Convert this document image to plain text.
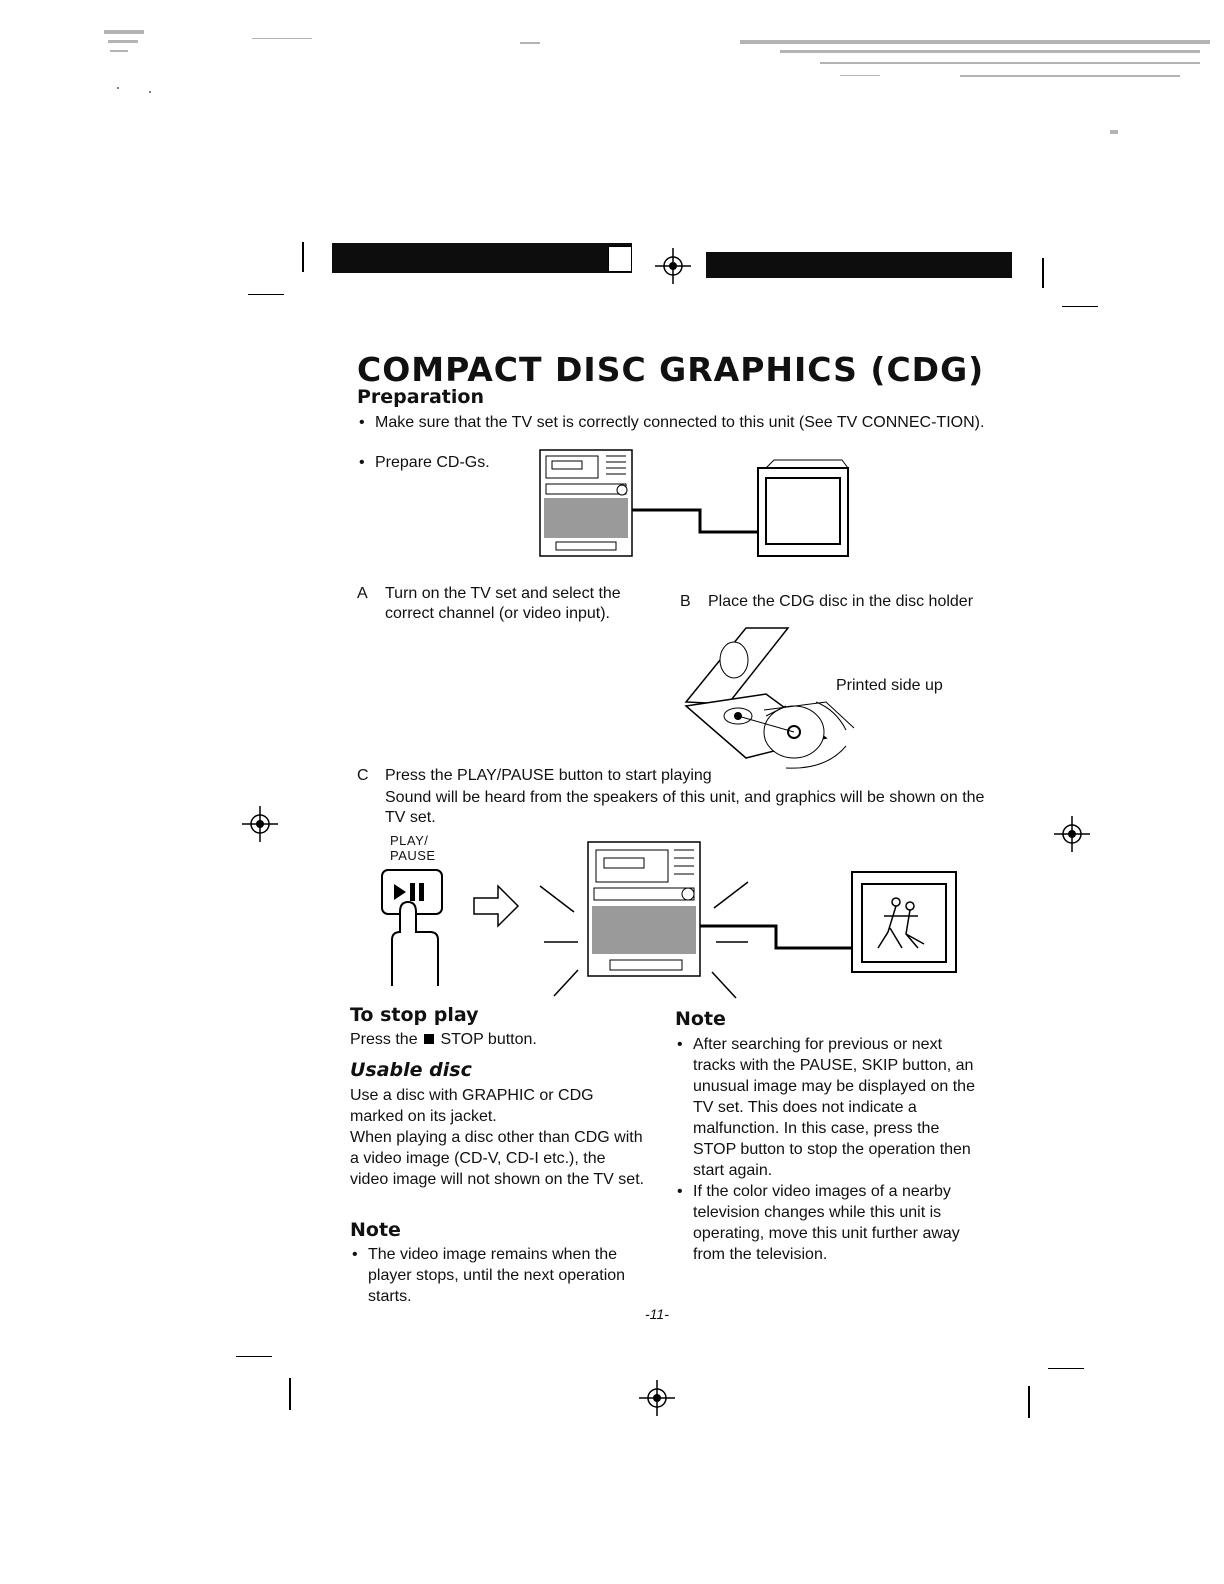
COMPACT DISC GRAPHICS (CDG)
Preparation
• Make sure that the TV set is correctly connected to this unit (See TV CONNEC-TION).
• Prepare CD-Gs.
A Turn on the TV set and select the correct channel (or video input).
B Place the CDG disc in the disc holder
Printed side up
C Press the PLAY/PAUSE button to start playing
Sound will be heard from the speakers of this unit, and graphics will be shown on the TV set.
PLAY/
PAUSE
To stop play
Press the STOP button.
Usable disc
Use a disc with GRAPHIC or CDG marked on its jacket.
When playing a disc other than CDG with a video image (CD-V, CD-I etc.), the video image will not shown on the TV set.
Note
• The video image remains when the player stops, until the next operation starts.
Note
• After searching for previous or next tracks with the PAUSE, SKIP button, an unusual image may be displayed on the TV set. This does not indicate a malfunction. In this case, press the STOP button to stop the operation then start again.
• If the color video images of a nearby television changes while this unit is operating, move this unit further away from the television.
-11-
